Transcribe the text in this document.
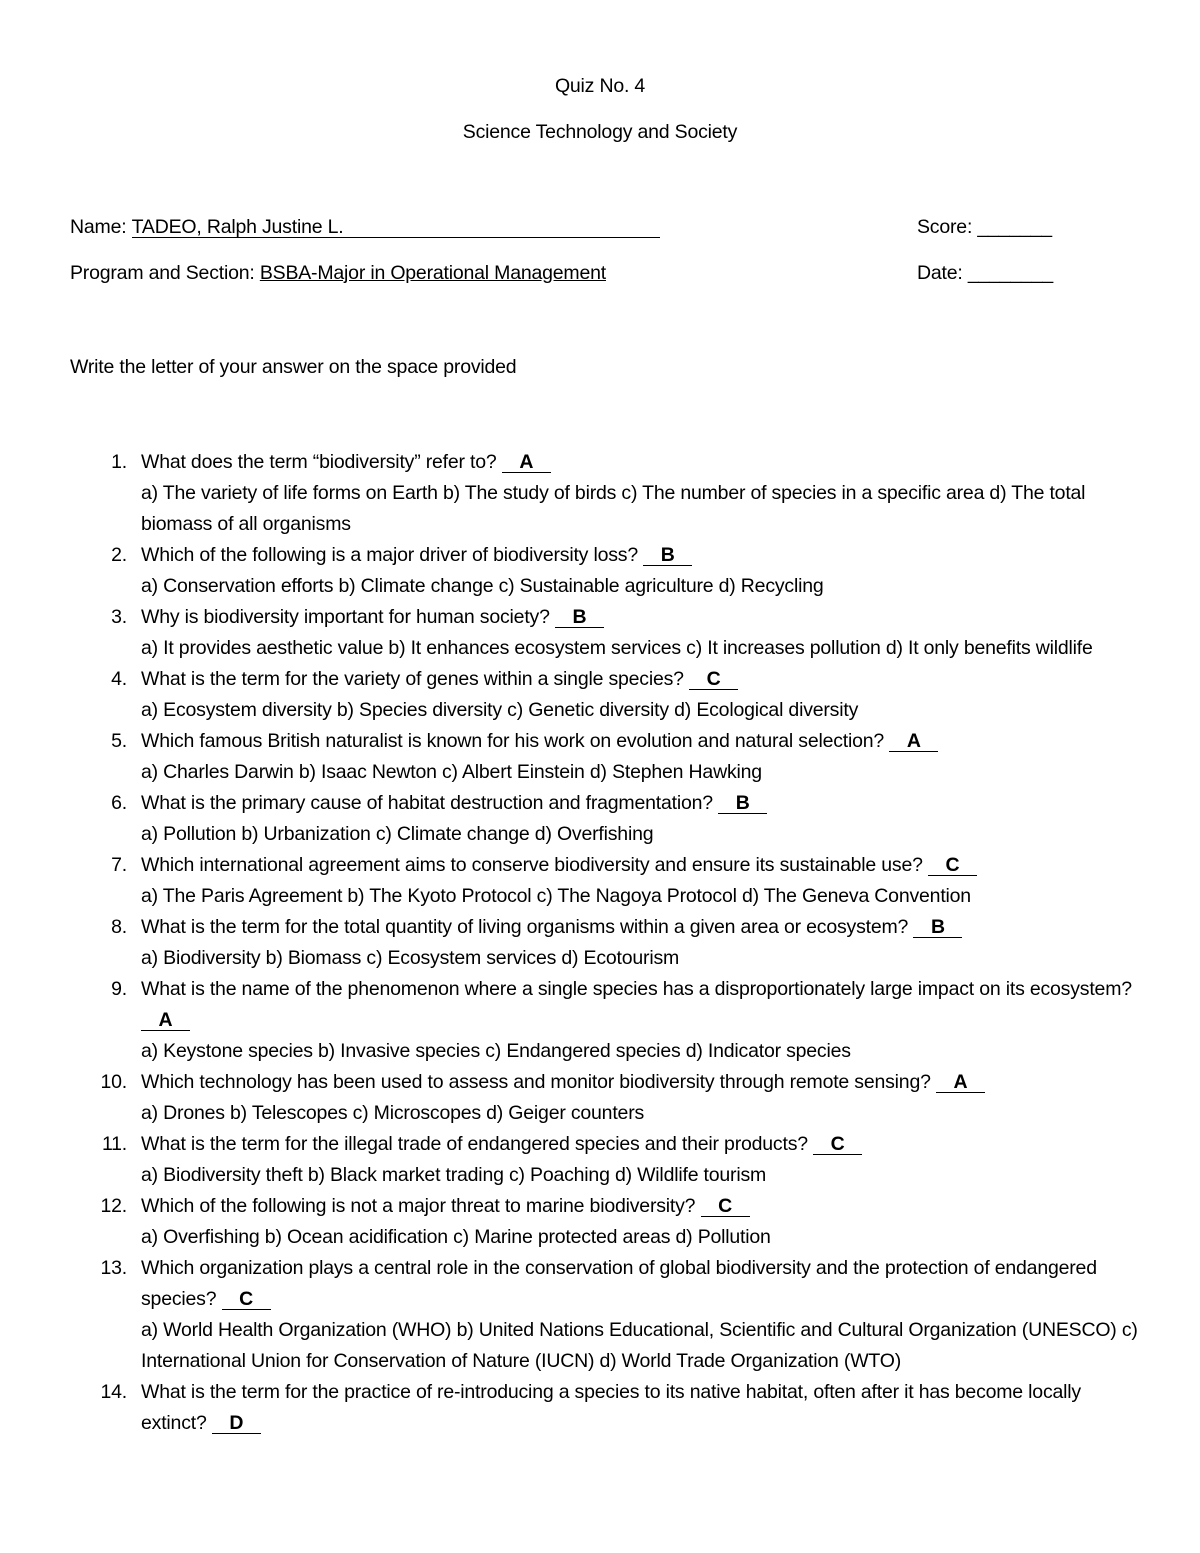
Quiz No. 4
Science Technology and Society
Name: TADEO, Ralph Justine L.	Score: _______
Program and Section: BSBA-Major in Operational Management	Date: ________
Write the letter of your answer on the space provided
1. What does the term “biodiversity” refer to? A
a) The variety of life forms on Earth b) The study of birds c) The number of species in a specific area d) The total biomass of all organisms
2. Which of the following is a major driver of biodiversity loss? B
a) Conservation efforts b) Climate change c) Sustainable agriculture d) Recycling
3. Why is biodiversity important for human society? B
a) It provides aesthetic value b) It enhances ecosystem services c) It increases pollution d) It only benefits wildlife
4. What is the term for the variety of genes within a single species? C
a) Ecosystem diversity b) Species diversity c) Genetic diversity d) Ecological diversity
5. Which famous British naturalist is known for his work on evolution and natural selection? A
a) Charles Darwin b) Isaac Newton c) Albert Einstein d) Stephen Hawking
6. What is the primary cause of habitat destruction and fragmentation? B
a) Pollution b) Urbanization c) Climate change d) Overfishing
7. Which international agreement aims to conserve biodiversity and ensure its sustainable use? C
a) The Paris Agreement b) The Kyoto Protocol c) The Nagoya Protocol d) The Geneva Convention
8. What is the term for the total quantity of living organisms within a given area or ecosystem? B
a) Biodiversity b) Biomass c) Ecosystem services d) Ecotourism
9. What is the name of the phenomenon where a single species has a disproportionately large impact on its ecosystem? A
a) Keystone species b) Invasive species c) Endangered species d) Indicator species
10. Which technology has been used to assess and monitor biodiversity through remote sensing? A
a) Drones b) Telescopes c) Microscopes d) Geiger counters
11. What is the term for the illegal trade of endangered species and their products? C
a) Biodiversity theft b) Black market trading c) Poaching d) Wildlife tourism
12. Which of the following is not a major threat to marine biodiversity? C
a) Overfishing b) Ocean acidification c) Marine protected areas d) Pollution
13. Which organization plays a central role in the conservation of global biodiversity and the protection of endangered species? C
a) World Health Organization (WHO) b) United Nations Educational, Scientific and Cultural Organization (UNESCO) c) International Union for Conservation of Nature (IUCN) d) World Trade Organization (WTO)
14. What is the term for the practice of re-introducing a species to its native habitat, often after it has become locally extinct? D
